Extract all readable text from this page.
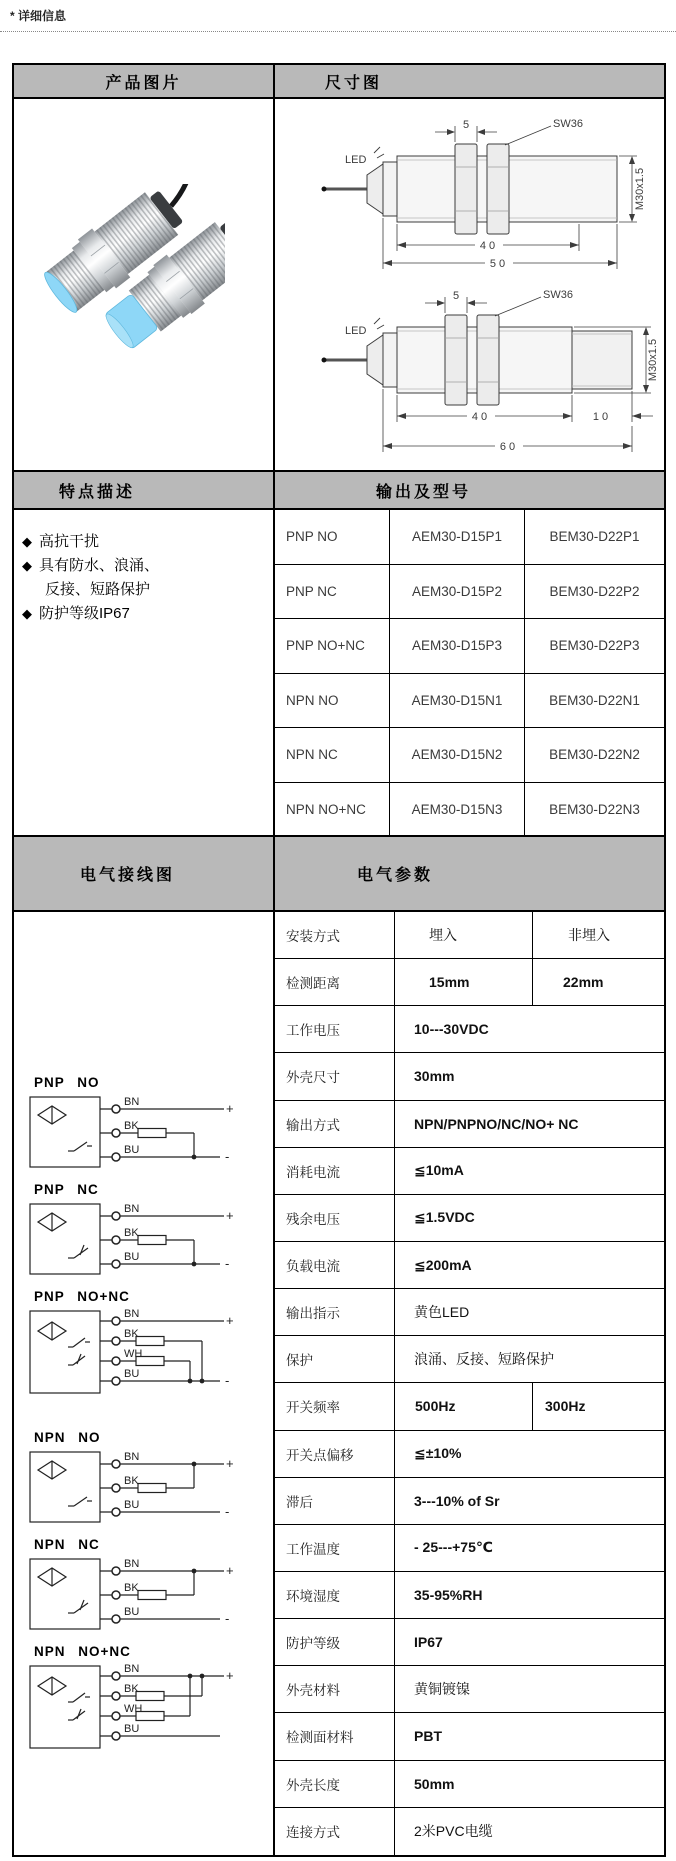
* 详细信息
产品图片	尺寸图
LED
5	SW36
M30x1.5
40
50

LED
5	SW36
M30x1.5
40	10
60
特点描述	输出及型号
◆ 高抗干扰
◆ 具有防水、浪涌、
反接、短路保护
◆ 防护等级IP67
PNP NO	AEM30-D15P1	BEM30-D22P1
PNP NC	AEM30-D15P2	BEM30-D22P2
PNP NO+NC	AEM30-D15P3	BEM30-D22P3
NPN NO	AEM30-D15N1	BEM30-D22N1
NPN NC	AEM30-D15N2	BEM30-D22N2
NPN NO+NC	AEM30-D15N3	BEM30-D22N3
电气接线图	电气参数
PNP NO
BN
BK
BU
+
-
PNP NC
BN
BK
BU
+
-
PNP NO+NC
BN
BK
WH
BU
+
-
NPN NO
BN
BK
BU
+
-
NPN NC
BN
BK
BU
+
-
NPN NO+NC
BN
BK
WH
BU
+
安装方式	埋入	非埋入
检测距离	15mm	22mm
工作电压	10---30VDC
外壳尺寸	30mm
输出方式	NPN/PNPNO/NC/NO+ NC
消耗电流	≦10mA
残余电压	≦1.5VDC
负载电流	≦200mA
输出指示	黄色LED
保护	浪涌、反接、短路保护
开关频率	500Hz	300Hz
开关点偏移	≦±10%
滞后	3---10% of Sr
工作温度	- 25---+75℃
环境湿度	35-95%RH
防护等级	IP67
外壳材料	黄铜镀镍
检测面材料	PBT
外壳长度	50mm
连接方式	2米PVC电缆
